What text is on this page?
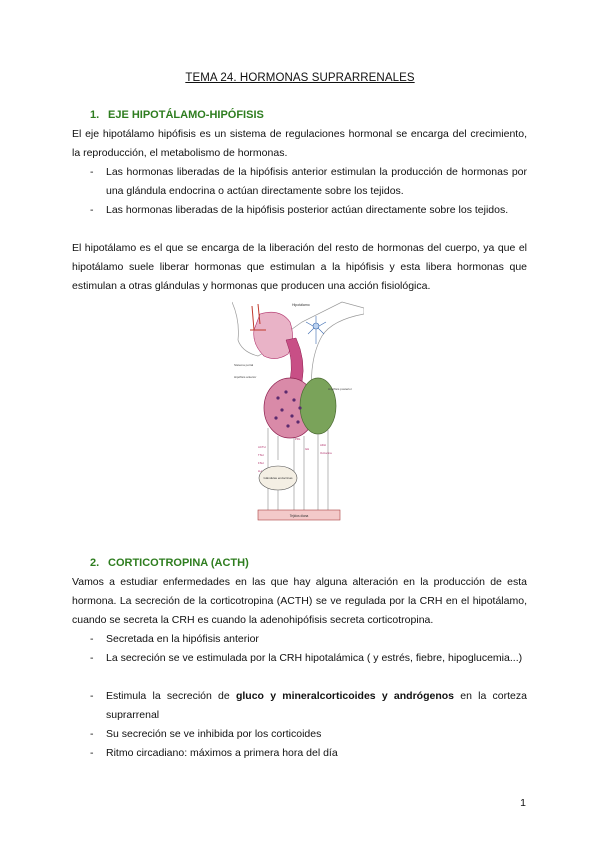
TEMA 24. HORMONAS SUPRARRENALES
1. EJE HIPOTÁLAMO-HIPÓFISIS

El eje hipotálamo hipófisis es un sistema de regulaciones hormonal se encarga del crecimiento, la reproducción, el metabolismo de hormonas.

- Las hormonas liberadas de la hipófisis anterior estimulan la producción de hormonas por una glándula endocrina o actúan directamente sobre los tejidos.
- Las hormonas liberadas de la hipófisis posterior actúan directamente sobre los tejidos.

El hipotálamo es el que se encarga de la liberación del resto de hormonas del cuerpo, ya que el hipotálamo suele liberar hormonas que estimulan a la hipófisis y esta libera hormonas que estimulan a otras glándulas y hormonas que producen una acción fisiológica.

Hipotálamo
Sistema portal
Hipófisis anterior
Hipófisis posterior
ACTH
TSH
FSH
LH
PRL
GH
ADH
Oxitocina
Glándulas endocrinas
Tejidos diana
2. CORTICOTROPINA (ACTH)

Vamos a estudiar enfermedades en las que hay alguna alteración en la producción de esta hormona. La secreción de la corticotropina (ACTH) se ve regulada por la CRH en el hipotálamo, cuando se secreta la CRH es cuando la adenohipófisis secreta corticotropina.

- Secretada en la hipófisis anterior
- La secreción se ve estimulada por la CRH hipotalámica ( y estrés, fiebre, hipoglucemia...)
- Estimula la secreción de gluco y mineralcorticoides y andrógenos en la corteza suprarrenal
- Su secreción se ve inhibida por los corticoides
- Ritmo circadiano: máximos a primera hora del día
1
